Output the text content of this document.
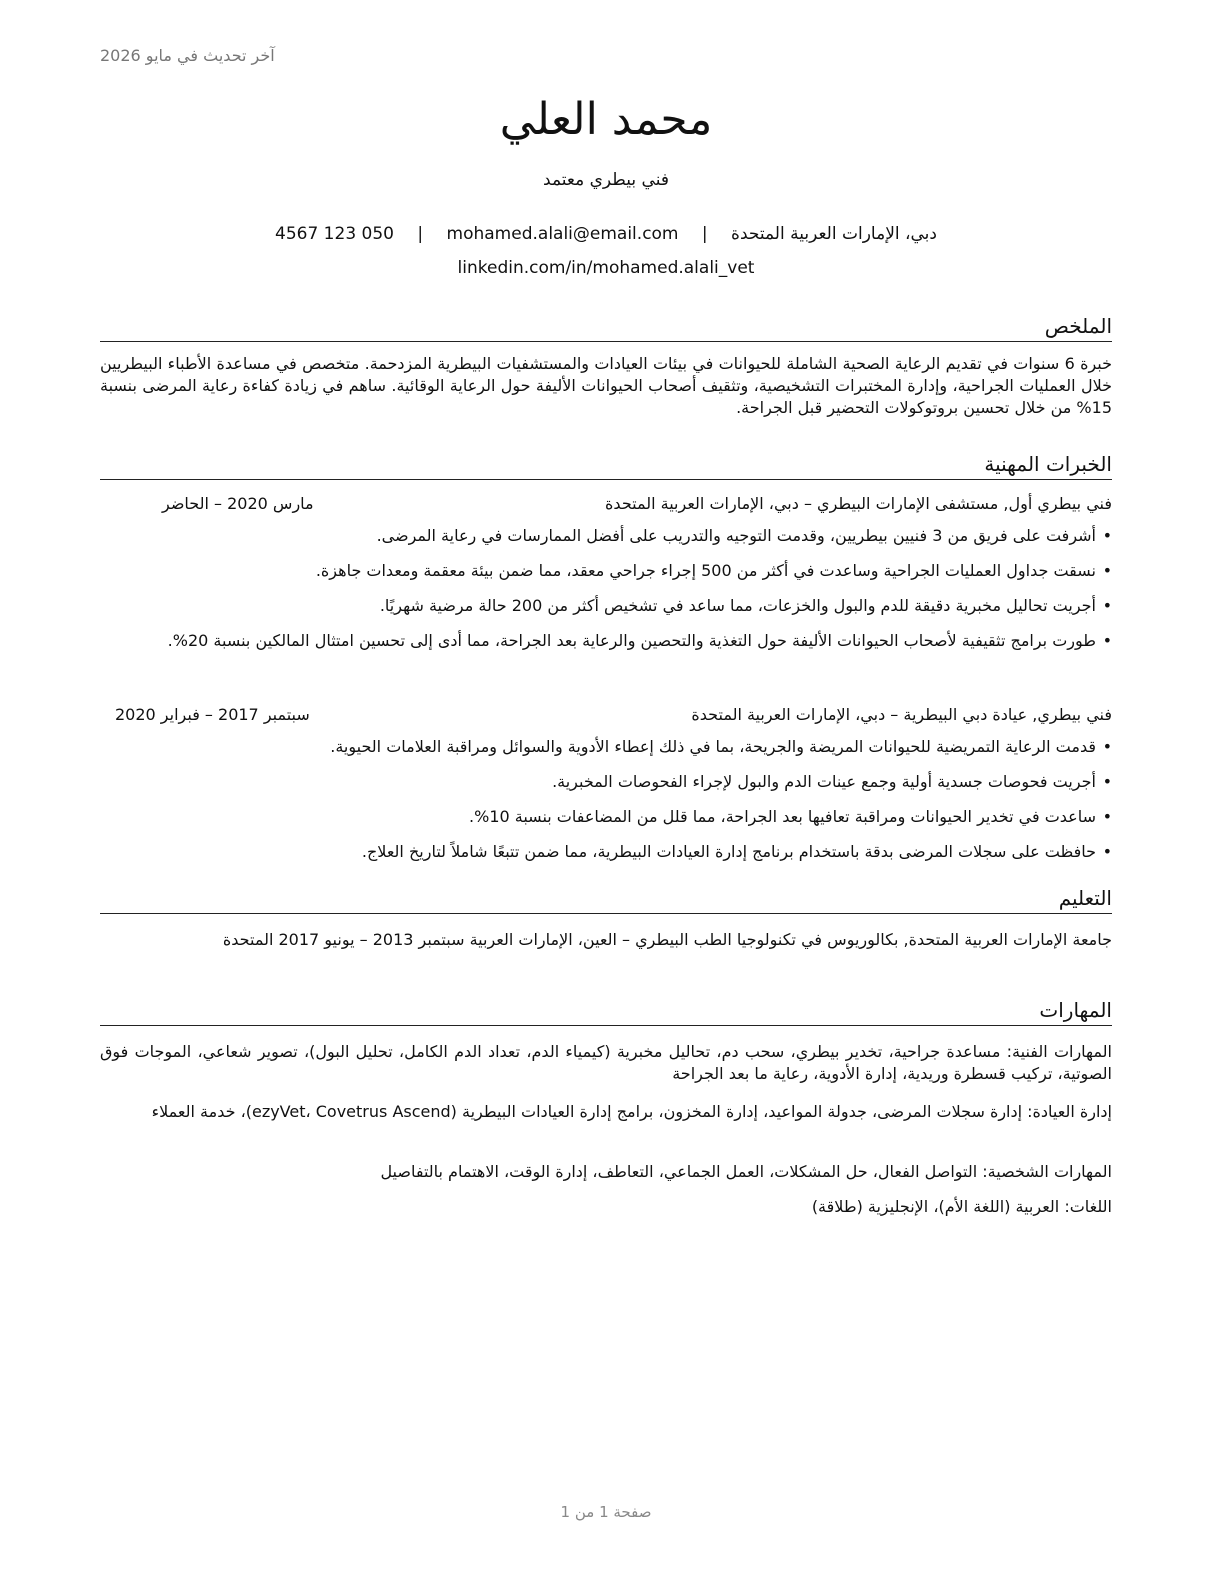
آخر تحديث في مايو 2026
محمد العلي
فني بيطري معتمد
دبي، الإمارات العربية المتحدة | mohamed.alali@email.com | 4567 123 050
linkedin.com/in/mohamed.alali_vet
الملخص
خبرة 6 سنوات في تقديم الرعاية الصحية الشاملة للحيوانات في بيئات العيادات والمستشفيات البيطرية المزدحمة. متخصص في مساعدة الأطباء البيطريين خلال العمليات الجراحية، وإدارة المختبرات التشخيصية، وتثقيف أصحاب الحيوانات الأليفة حول الرعاية الوقائية. ساهم في زيادة كفاءة رعاية المرضى بنسبة 15% من خلال تحسين بروتوكولات التحضير قبل الجراحة.
الخبرات المهنية
فني بيطري أول, مستشفى الإمارات البيطري – دبي، الإمارات العربية المتحدة
مارس 2020 – الحاضر
•
أشرفت على فريق من 3 فنيين بيطريين، وقدمت التوجيه والتدريب على أفضل الممارسات في رعاية المرضى.
•
نسقت جداول العمليات الجراحية وساعدت في أكثر من 500 إجراء جراحي معقد، مما ضمن بيئة معقمة ومعدات جاهزة.
•
أجريت تحاليل مخبرية دقيقة للدم والبول والخزعات، مما ساعد في تشخيص أكثر من 200 حالة مرضية شهريًا.
•
طورت برامج تثقيفية لأصحاب الحيوانات الأليفة حول التغذية والتحصين والرعاية بعد الجراحة، مما أدى إلى تحسين امتثال المالكين بنسبة 20%.
فني بيطري, عيادة دبي البيطرية – دبي، الإمارات العربية المتحدة
سبتمبر 2017 – فبراير 2020
•
قدمت الرعاية التمريضية للحيوانات المريضة والجريحة، بما في ذلك إعطاء الأدوية والسوائل ومراقبة العلامات الحيوية.
•
أجريت فحوصات جسدية أولية وجمع عينات الدم والبول لإجراء الفحوصات المخبرية.
•
ساعدت في تخدير الحيوانات ومراقبة تعافيها بعد الجراحة، مما قلل من المضاعفات بنسبة 10%.
•
حافظت على سجلات المرضى بدقة باستخدام برنامج إدارة العيادات البيطرية، مما ضمن تتبعًا شاملاً لتاريخ العلاج.
التعليم
جامعة الإمارات العربية المتحدة, بكالوريوس في تكنولوجيا الطب البيطري – العين، الإمارات العربية سبتمبر 2013 – يونيو 2017 المتحدة
المهارات
المهارات الفنية: مساعدة جراحية، تخدير بيطري، سحب دم، تحاليل مخبرية (كيمياء الدم، تعداد الدم الكامل، تحليل البول)، تصوير شعاعي، الموجات فوق الصوتية، تركيب قسطرة وريدية، إدارة الأدوية، رعاية ما بعد الجراحة
إدارة العيادة: إدارة سجلات المرضى، جدولة المواعيد، إدارة المخزون، برامج إدارة العيادات البيطرية (ezyVet، Covetrus Ascend)، خدمة العملاء
المهارات الشخصية: التواصل الفعال، حل المشكلات، العمل الجماعي، التعاطف، إدارة الوقت، الاهتمام بالتفاصيل
اللغات: العربية (اللغة الأم)، الإنجليزية (طلاقة)
صفحة 1 من 1
